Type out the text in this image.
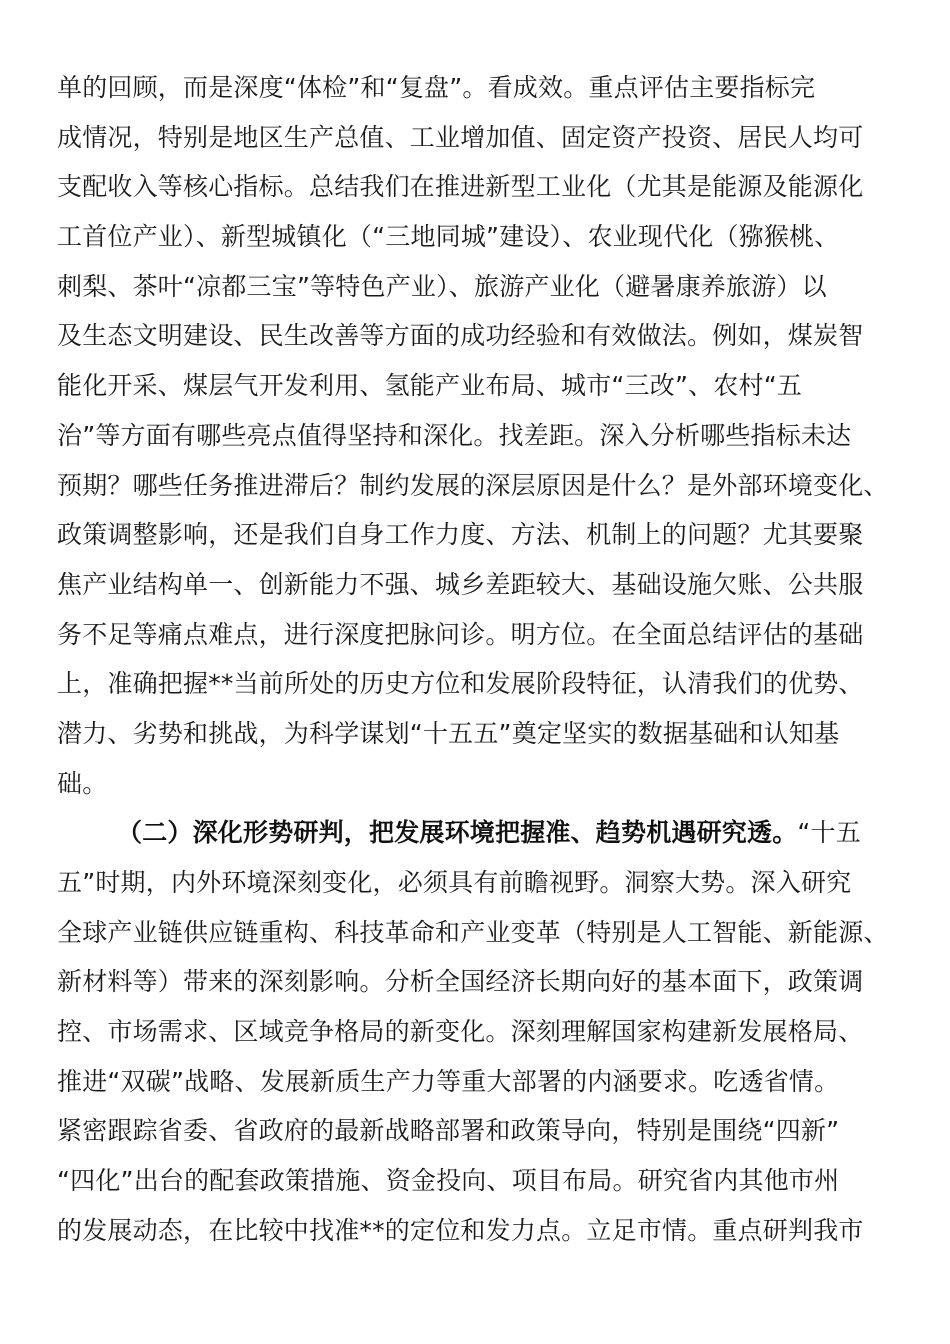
单的回顾，而是深度“体检”和“复盘”。看成效。重点评估主要指标完
成情况，特别是地区生产总值、工业增加值、固定资产投资、居民人均可
支配收入等核心指标。总结我们在推进新型工业化（尤其是能源及能源化
工首位产业）、新型城镇化（“三地同城”建设）、农业现代化（猕猴桃、
刺梨、茶叶“凉都三宝”等特色产业）、旅游产业化（避暑康养旅游）以
及生态文明建设、民生改善等方面的成功经验和有效做法。例如，煤炭智
能化开采、煤层气开发利用、氢能产业布局、城市“三改”、农村“五
治”等方面有哪些亮点值得坚持和深化。找差距。深入分析哪些指标未达
预期？哪些任务推进滞后？制约发展的深层原因是什么？是外部环境变化、
政策调整影响，还是我们自身工作力度、方法、机制上的问题？尤其要聚
焦产业结构单一、创新能力不强、城乡差距较大、基础设施欠账、公共服
务不足等痛点难点，进行深度把脉问诊。明方位。在全面总结评估的基础
上，准确把握**当前所处的历史方位和发展阶段特征，认清我们的优势、
潜力、劣势和挑战，为科学谋划“十五五”奠定坚实的数据基础和认知基
础。
（二）深化形势研判，把发展环境把握准、趋势机遇研究透。“十五
五”时期，内外环境深刻变化，必须具有前瞻视野。洞察大势。深入研究
全球产业链供应链重构、科技革命和产业变革（特别是人工智能、新能源、
新材料等）带来的深刻影响。分析全国经济长期向好的基本面下，政策调
控、市场需求、区域竞争格局的新变化。深刻理解国家构建新发展格局、
推进“双碳”战略、发展新质生产力等重大部署的内涵要求。吃透省情。
紧密跟踪省委、省政府的最新战略部署和政策导向，特别是围绕“四新”
“四化”出台的配套政策措施、资金投向、项目布局。研究省内其他市州
的发展动态，在比较中找准**的定位和发力点。立足市情。重点研判我市
